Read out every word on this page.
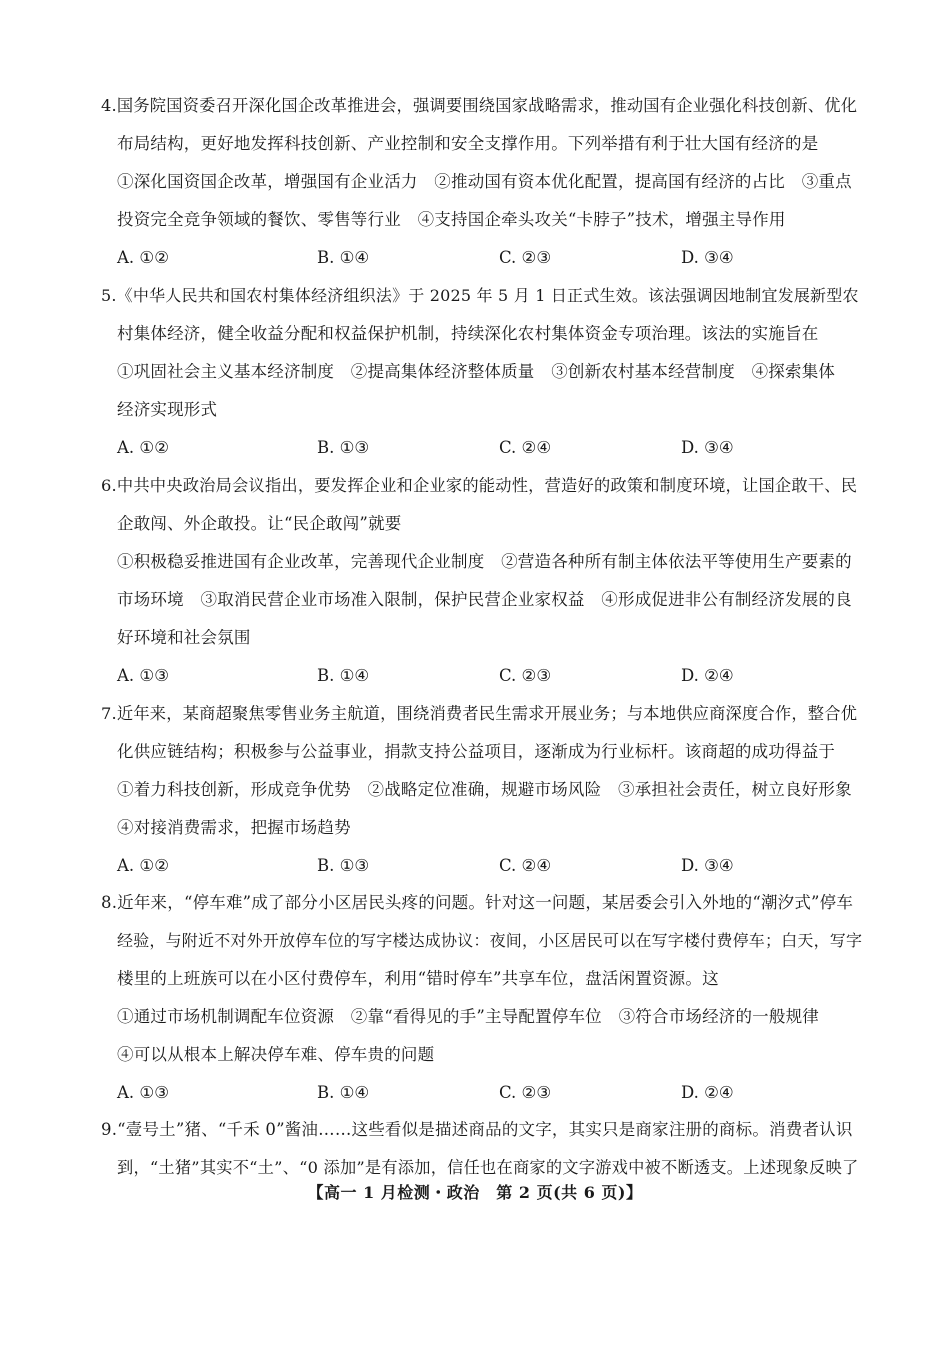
4.国务院国资委召开深化国企改革推进会，强调要围绕国家战略需求，推动国有企业强化科技创新、优化
布局结构，更好地发挥科技创新、产业控制和安全支撑作用。下列举措有利于壮大国有经济的是
①深化国资国企改革，增强国有企业活力　②推动国有资本优化配置，提高国有经济的占比　③重点
投资完全竞争领域的餐饮、零售等行业　④支持国企牵头攻关“卡脖子”技术，增强主导作用
A. ①②	B. ①④	C. ②③	D. ③④
5.《中华人民共和国农村集体经济组织法》于 2025 年 5 月 1 日正式生效。该法强调因地制宜发展新型农
村集体经济，健全收益分配和权益保护机制，持续深化农村集体资金专项治理。该法的实施旨在
①巩固社会主义基本经济制度　②提高集体经济整体质量　③创新农村基本经营制度　④探索集体
经济实现形式
A. ①②	B. ①③	C. ②④	D. ③④
6.中共中央政治局会议指出，要发挥企业和企业家的能动性，营造好的政策和制度环境，让国企敢干、民
企敢闯、外企敢投。让“民企敢闯”就要
①积极稳妥推进国有企业改革，完善现代企业制度　②营造各种所有制主体依法平等使用生产要素的
市场环境　③取消民营企业市场准入限制，保护民营企业家权益　④形成促进非公有制经济发展的良
好环境和社会氛围
A. ①③	B. ①④	C. ②③	D. ②④
7.近年来，某商超聚焦零售业务主航道，围绕消费者民生需求开展业务；与本地供应商深度合作，整合优
化供应链结构；积极参与公益事业，捐款支持公益项目，逐渐成为行业标杆。该商超的成功得益于
①着力科技创新，形成竞争优势　②战略定位准确，规避市场风险　③承担社会责任，树立良好形象
④对接消费需求，把握市场趋势
A. ①②	B. ①③	C. ②④	D. ③④
8.近年来，“停车难”成了部分小区居民头疼的问题。针对这一问题，某居委会引入外地的“潮汐式”停车
经验，与附近不对外开放停车位的写字楼达成协议：夜间，小区居民可以在写字楼付费停车；白天，写字
楼里的上班族可以在小区付费停车，利用“错时停车”共享车位，盘活闲置资源。这
①通过市场机制调配车位资源　②靠“看得见的手”主导配置停车位　③符合市场经济的一般规律
④可以从根本上解决停车难、停车贵的问题
A. ①③	B. ①④	C. ②③	D. ②④
9.“壹号土”猪、“千禾 0”酱油……这些看似是描述商品的文字，其实只是商家注册的商标。消费者认识
到，“土猪”其实不“土”、“0 添加”是有添加，信任也在商家的文字游戏中被不断透支。上述现象反映了
【高一 1 月检测・政治　第 2 页(共 6 页)】
